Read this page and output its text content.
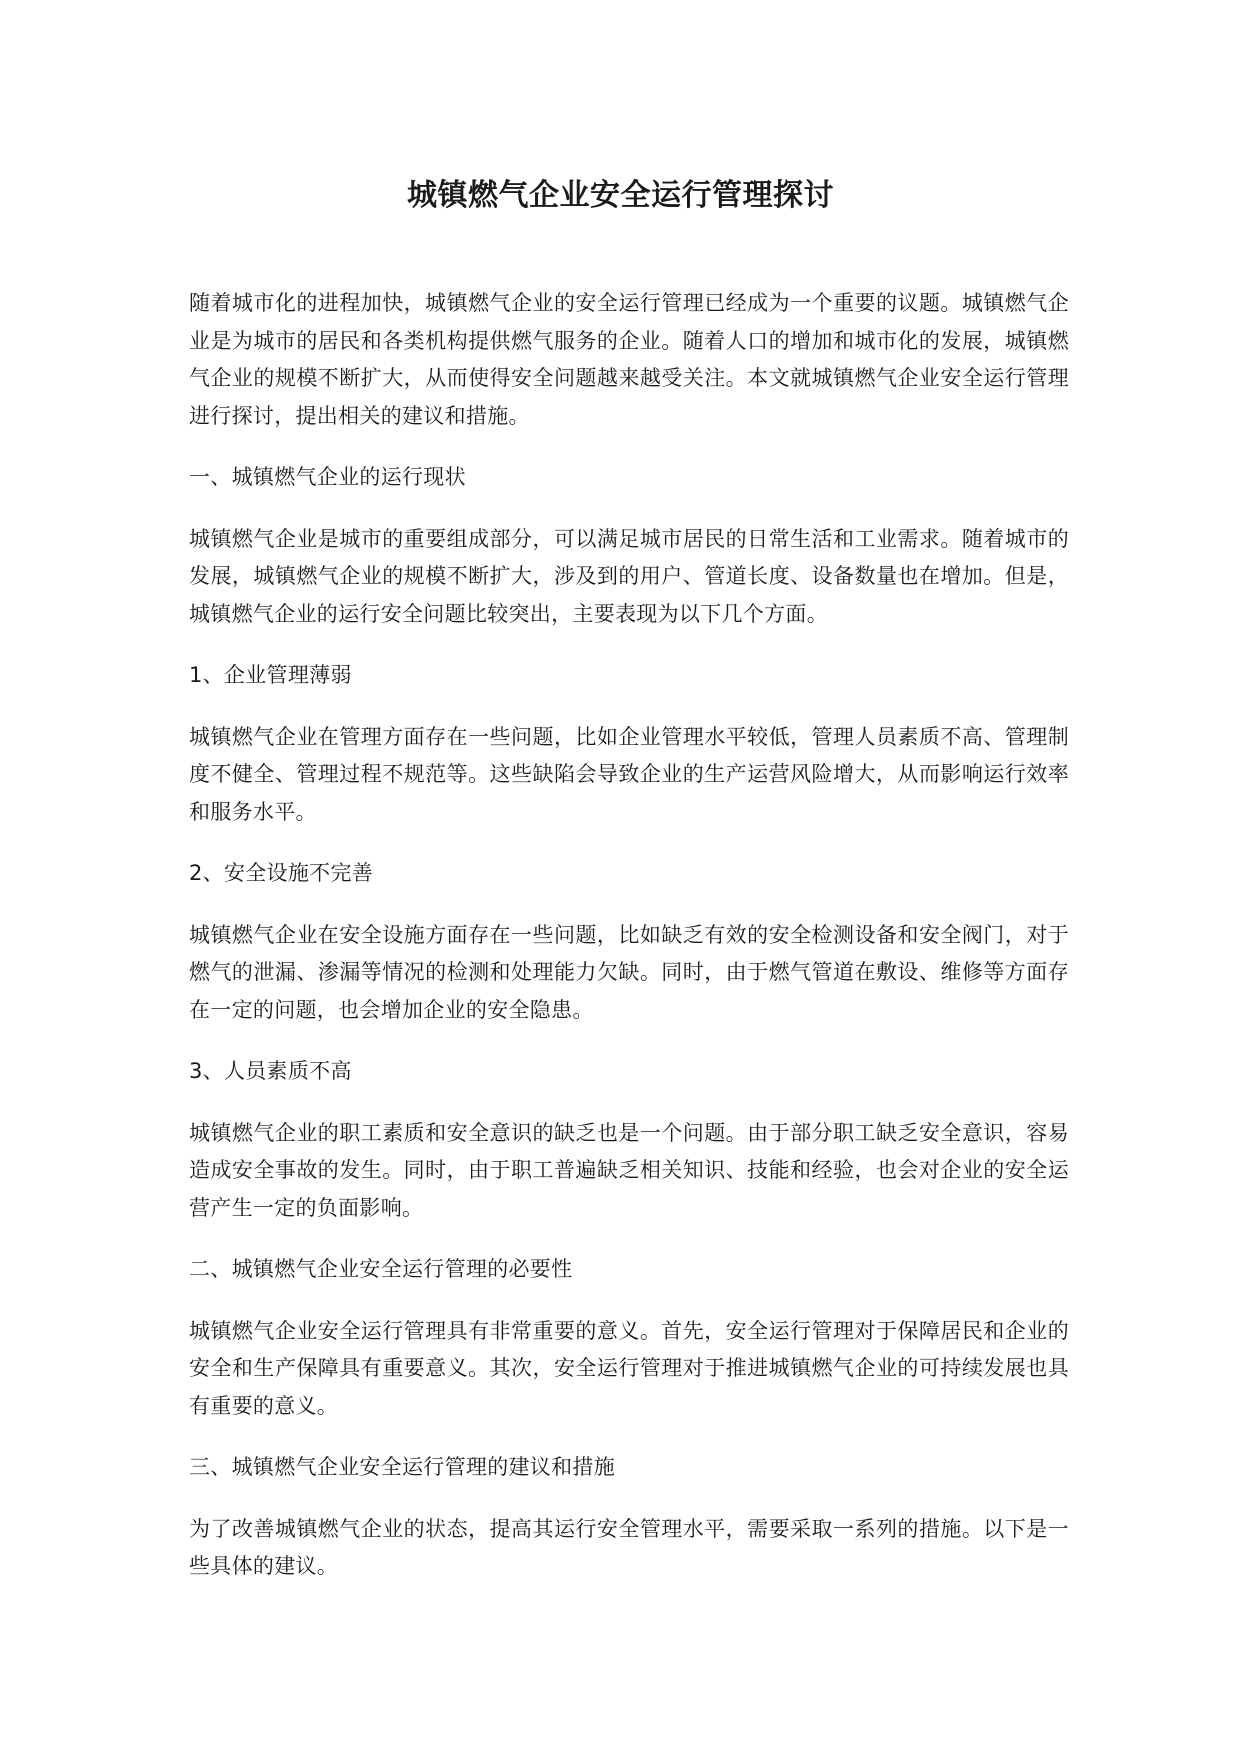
城镇燃气企业安全运行管理探讨

随着城市化的进程加快，城镇燃气企业的安全运行管理已经成为一个重要的议题。城镇燃气企业是为城市的居民和各类机构提供燃气服务的企业。随着人口的增加和城市化的发展，城镇燃气企业的规模不断扩大，从而使得安全问题越来越受关注。本文就城镇燃气企业安全运行管理进行探讨，提出相关的建议和措施。

一、城镇燃气企业的运行现状

城镇燃气企业是城市的重要组成部分，可以满足城市居民的日常生活和工业需求。随着城市的发展，城镇燃气企业的规模不断扩大，涉及到的用户、管道长度、设备数量也在增加。但是，城镇燃气企业的运行安全问题比较突出，主要表现为以下几个方面。

1、企业管理薄弱

城镇燃气企业在管理方面存在一些问题，比如企业管理水平较低，管理人员素质不高、管理制度不健全、管理过程不规范等。这些缺陷会导致企业的生产运营风险增大，从而影响运行效率和服务水平。

2、安全设施不完善

城镇燃气企业在安全设施方面存在一些问题，比如缺乏有效的安全检测设备和安全阀门，对于燃气的泄漏、渗漏等情况的检测和处理能力欠缺。同时，由于燃气管道在敷设、维修等方面存在一定的问题，也会增加企业的安全隐患。

3、人员素质不高

城镇燃气企业的职工素质和安全意识的缺乏也是一个问题。由于部分职工缺乏安全意识，容易造成安全事故的发生。同时，由于职工普遍缺乏相关知识、技能和经验，也会对企业的安全运营产生一定的负面影响。

二、城镇燃气企业安全运行管理的必要性

城镇燃气企业安全运行管理具有非常重要的意义。首先，安全运行管理对于保障居民和企业的安全和生产保障具有重要意义。其次，安全运行管理对于推进城镇燃气企业的可持续发展也具有重要的意义。

三、城镇燃气企业安全运行管理的建议和措施

为了改善城镇燃气企业的状态，提高其运行安全管理水平，需要采取一系列的措施。以下是一些具体的建议。
